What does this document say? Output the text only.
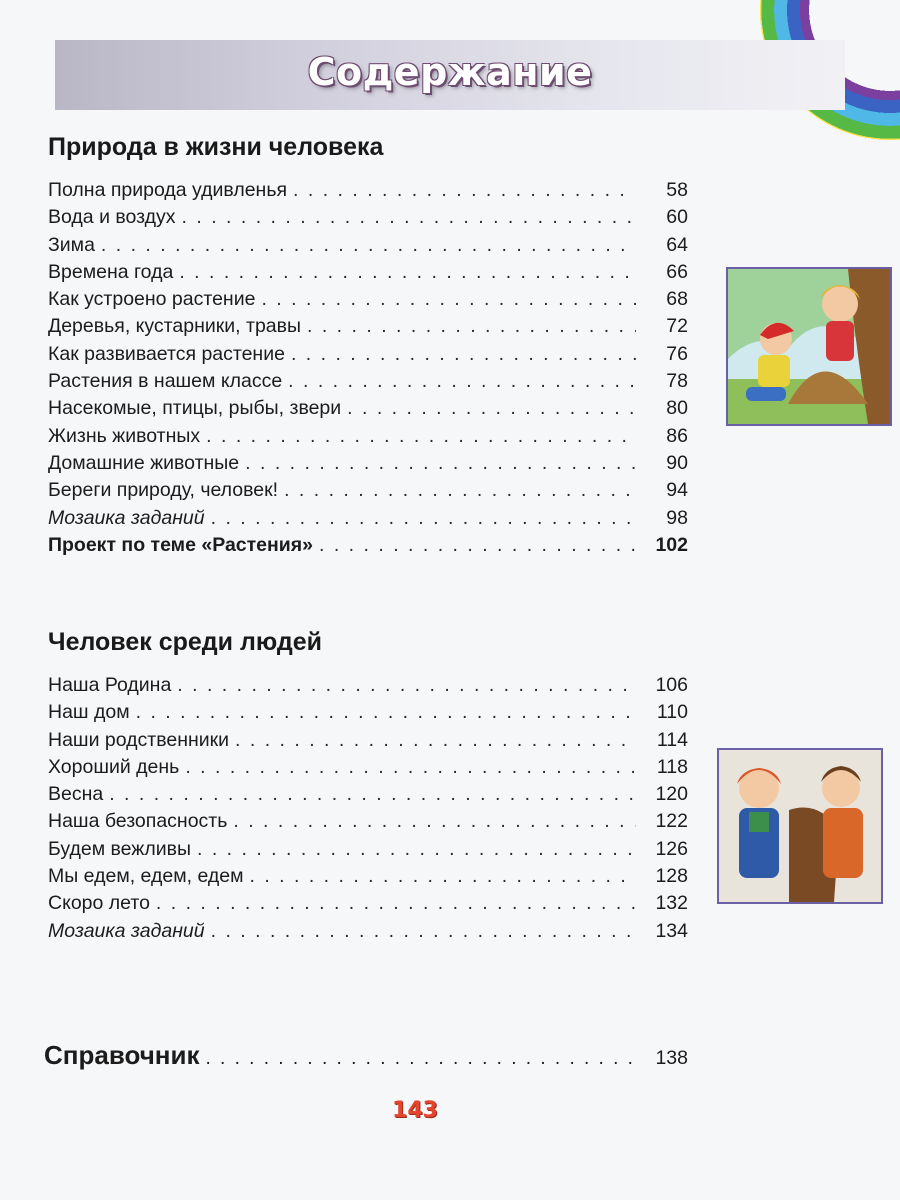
Содержание
Природа в жизни человека
Полна природа удивленья . . .	58
Вода и воздух . . .	60
Зима . . .	64
Времена года . . .	66
Как устроено растение . . .	68
Деревья, кустарники, травы . . .	72
Как развивается растение . . .	76
Растения в нашем классе . . .	78
Насекомые, птицы, рыбы, звери . . .	80
Жизнь животных . . .	86
Домашние животные . . .	90
Береги природу, человек! . . .	94
Мозаика заданий . . .	98
Проект по теме «Растения» . . .	102
Человек среди людей
Наша Родина . . .	106
Наш дом . . .	110
Наши родственники . . .	114
Хороший день . . .	118
Весна . . .	120
Наша безопасность . . .	122
Будем вежливы . . .	126
Мы едем, едем, едем . . .	128
Скоро лето . . .	132
Мозаика заданий . . .	134
Справочник . . .	138
143
